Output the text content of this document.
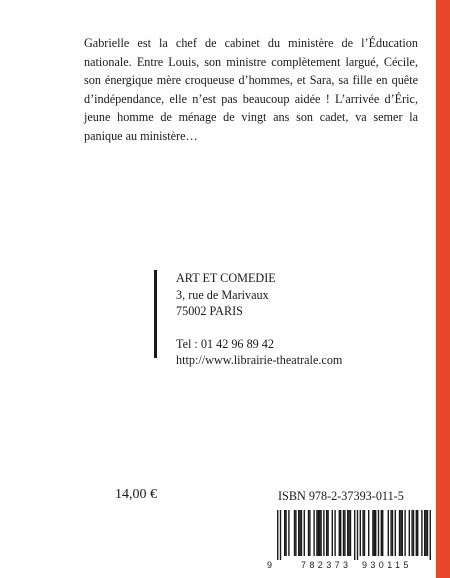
Gabrielle est la chef de cabinet du ministère de l’Éducation nationale. Entre Louis, son ministre complètement largué, Cécile, son énergique mère croqueuse d’hommes, et Sara, sa fille en quête d’indépendance, elle n’est pas beaucoup aidée ! L’arrivée d’Éric, jeune homme de ménage de vingt ans son cadet, va semer la panique au ministère…

ART ET COMEDIE
3, rue de Marivaux
75002 PARIS
Tel : 01 42 96 89 42
http://www.librairie-theatrale.com
14,00 €	ISBN 978-2-37393-011-5
9	782373 930115
